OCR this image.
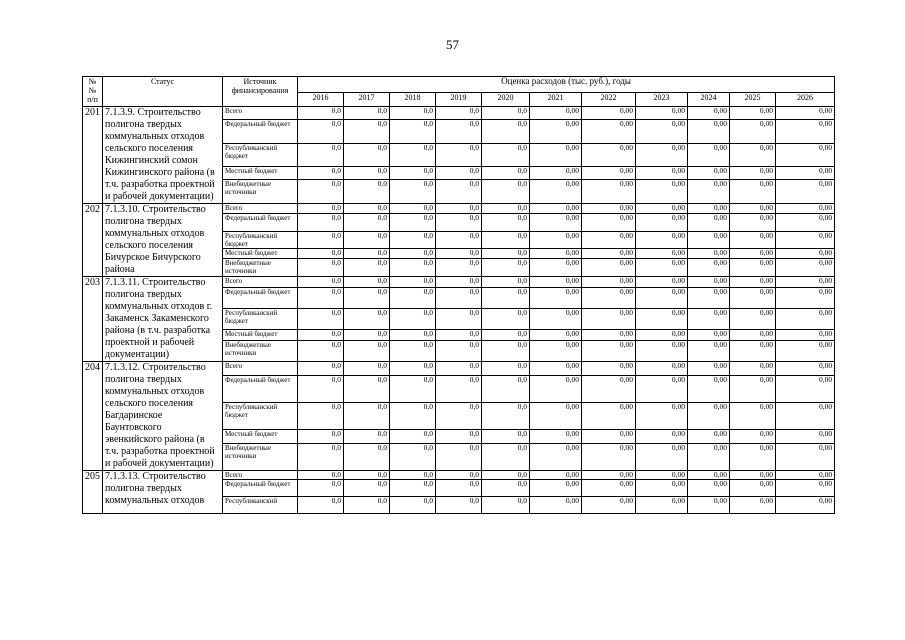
57
№
№
п/п	Статус	Источник финансирования	Оценка расходов (тыс. руб.), годы										
			2016	2017	2018	2019	2020	2021	2022	2023	2024	2025	2026
201	7.1.3.9. Строительство полигона твердых коммунальных отходов сельского поселения Кижингинский сомон Кижингинского района (в т.ч. разработка проектной и рабочей документации)	Всего	0,0	0,0	0,0	0,0	0,0	0,00	0,00	0,00	0,00	0,00	0,00
		Федеральный бюджет	0,0	0,0	0,0	0,0	0,0	0,00	0,00	0,00	0,00	0,00	0,00
		Республиканский бюджет	0,0	0,0	0,0	0,0	0,0	0,00	0,00	0,00	0,00	0,00	0,00
		Местный бюджет	0,0	0,0	0,0	0,0	0,0	0,00	0,00	0,00	0,00	0,00	0,00
		Внебюджетные источники	0,0	0,0	0,0	0,0	0,0	0,00	0,00	0,00	0,00	0,00	0,00
202	7.1.3.10. Строительство полигона твердых коммунальных отходов сельского поселения Бичурское Бичурского района	Всего	0,0	0,0	0,0	0,0	0,0	0,00	0,00	0,00	0,00	0,00	0,00
		Федеральный бюджет	0,0	0,0	0,0	0,0	0,0	0,00	0,00	0,00	0,00	0,00	0,00
		Республиканский бюджет	0,0	0,0	0,0	0,0	0,0	0,00	0,00	0,00	0,00	0,00	0,00
		Местный бюджет	0,0	0,0	0,0	0,0	0,0	0,00	0,00	0,00	0,00	0,00	0,00
		Внебюджетные источники	0,0	0,0	0,0	0,0	0,0	0,00	0,00	0,00	0,00	0,00	0,00
203	7.1.3.11. Строительство полигона твердых коммунальных отходов г. Закаменск Закаменского района (в т.ч. разработка проектной и рабочей документации)	Всего	0,0	0,0	0,0	0,0	0,0	0,00	0,00	0,00	0,00	0,00	0,00
		Федеральный бюджет	0,0	0,0	0,0	0,0	0,0	0,00	0,00	0,00	0,00	0,00	0,00
		Республиканский бюджет	0,0	0,0	0,0	0,0	0,0	0,00	0,00	0,00	0,00	0,00	0,00
		Местный бюджет	0,0	0,0	0,0	0,0	0,0	0,00	0,00	0,00	0,00	0,00	0,00
		Внебюджетные источники	0,0	0,0	0,0	0,0	0,0	0,00	0,00	0,00	0,00	0,00	0,00
204	7.1.3.12. Строительство полигона твердых коммунальных отходов сельского поселения Багдаринское Баунтовского эвенкийского района (в т.ч. разработка проектной и рабочей документации)	Всего	0,0	0,0	0,0	0,0	0,0	0,00	0,00	0,00	0,00	0,00	0,00
		Федеральный бюджет	0,0	0,0	0,0	0,0	0,0	0,00	0,00	0,00	0,00	0,00	0,00
		Республиканский бюджет	0,0	0,0	0,0	0,0	0,0	0,00	0,00	0,00	0,00	0,00	0,00
		Местный бюджет	0,0	0,0	0,0	0,0	0,0	0,00	0,00	0,00	0,00	0,00	0,00
		Внебюджетные источники	0,0	0,0	0,0	0,0	0,0	0,00	0,00	0,00	0,00	0,00	0,00
205	7.1.3.13. Строительство полигона твердых коммунальных отходов	Всего	0,0	0,0	0,0	0,0	0,0	0,00	0,00	0,00	0,00	0,00	0,00
		Федеральный бюджет	0,0	0,0	0,0	0,0	0,0	0,00	0,00	0,00	0,00	0,00	0,00
		Республиканский	0,0	0,0	0,0	0,0	0,0	0,00	0,00	0,00	0,00	0,00	0,00
